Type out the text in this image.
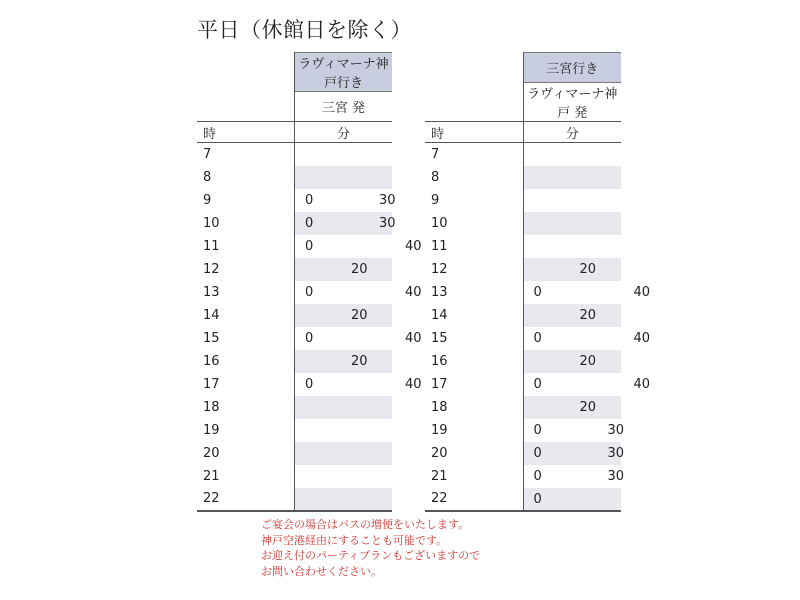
平日（休館日を除く）
	ラヴィマーナ神戸行き
	三宮 発
時	分
7	

8	

9	0 30

10	0 30

11	0 40

12	20

13	0 40

14	20

15	0 40

16	20

17	0 40

18	

19	

20	

21	

22	
	三宮行き
	ラヴィマーナ神戸 発
時	分
7	

8	

9	

10	

11	

12	20

13	0 40

14	20

15	0 40

16	20

17	0 40

18	20

19	0 30

20	0 30

21	0 30

22	0
ご宴会の場合はバスの増便をいたします。
神戸空港経由にすることも可能です。
お迎え付のパーティプランもございますので
お問い合わせください。
